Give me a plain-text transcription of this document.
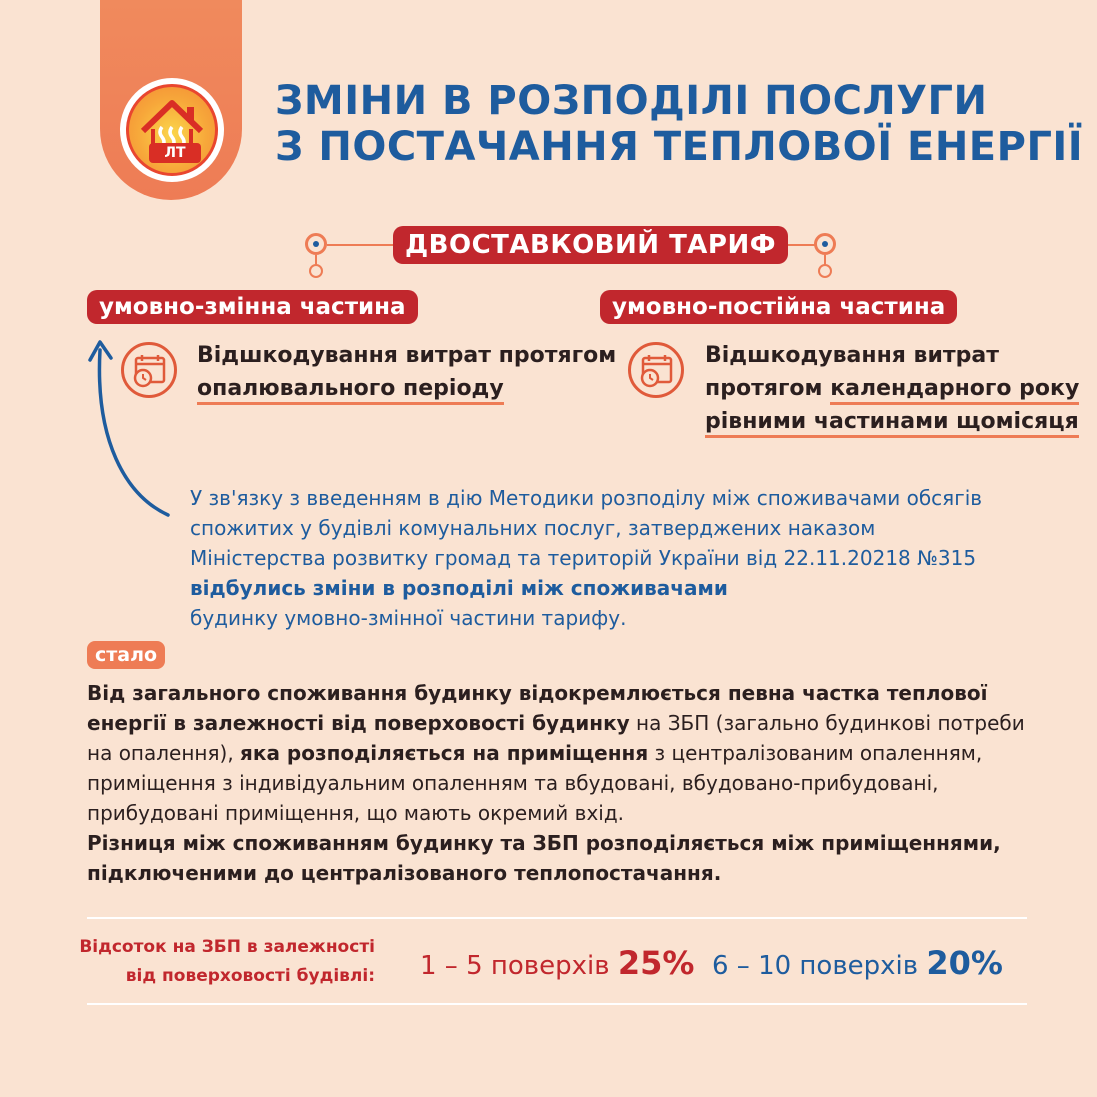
ЛТ
ЗМІНИ В РОЗПОДІЛІ ПОСЛУГИ
З ПОСТАЧАННЯ ТЕПЛОВОЇ ЕНЕРГІЇ
ДВОСТАВКОВИЙ ТАРИФ
умовно-змінна частина	умовно-постійна частина
Відшкодування витрат протягом
опалювального періоду
Відшкодування витрат
протягом календарного року
рівними частинами щомісяця
У зв'язку з введенням в дію Методики розподілу між споживачами обсягів
спожитих у будівлі комунальних послуг, затверджених наказом
Міністерства розвитку громад та територій України від 22.11.20218 №315
відбулись зміни в розподілі між споживачами
будинку умовно-змінної частини тарифу.
стало
Від загального споживання будинку відокремлюється певна частка теплової
енергії в залежності від поверховості будинку на ЗБП (загально будинкові потреби
на опалення), яка розподіляється на приміщення з централізованим опаленням,
приміщення з індивідуальним опаленням та вбудовані, вбудовано-прибудовані,
прибудовані приміщення, що мають окремий вхід.
Різниця між споживанням будинку та ЗБП розподіляється між приміщеннями,
підключеними до централізованого теплопостачання.
Відсоток на ЗБП в залежності
від поверховості будівлі: 1 – 5 поверхів 25% 6 – 10 поверхів 20%
